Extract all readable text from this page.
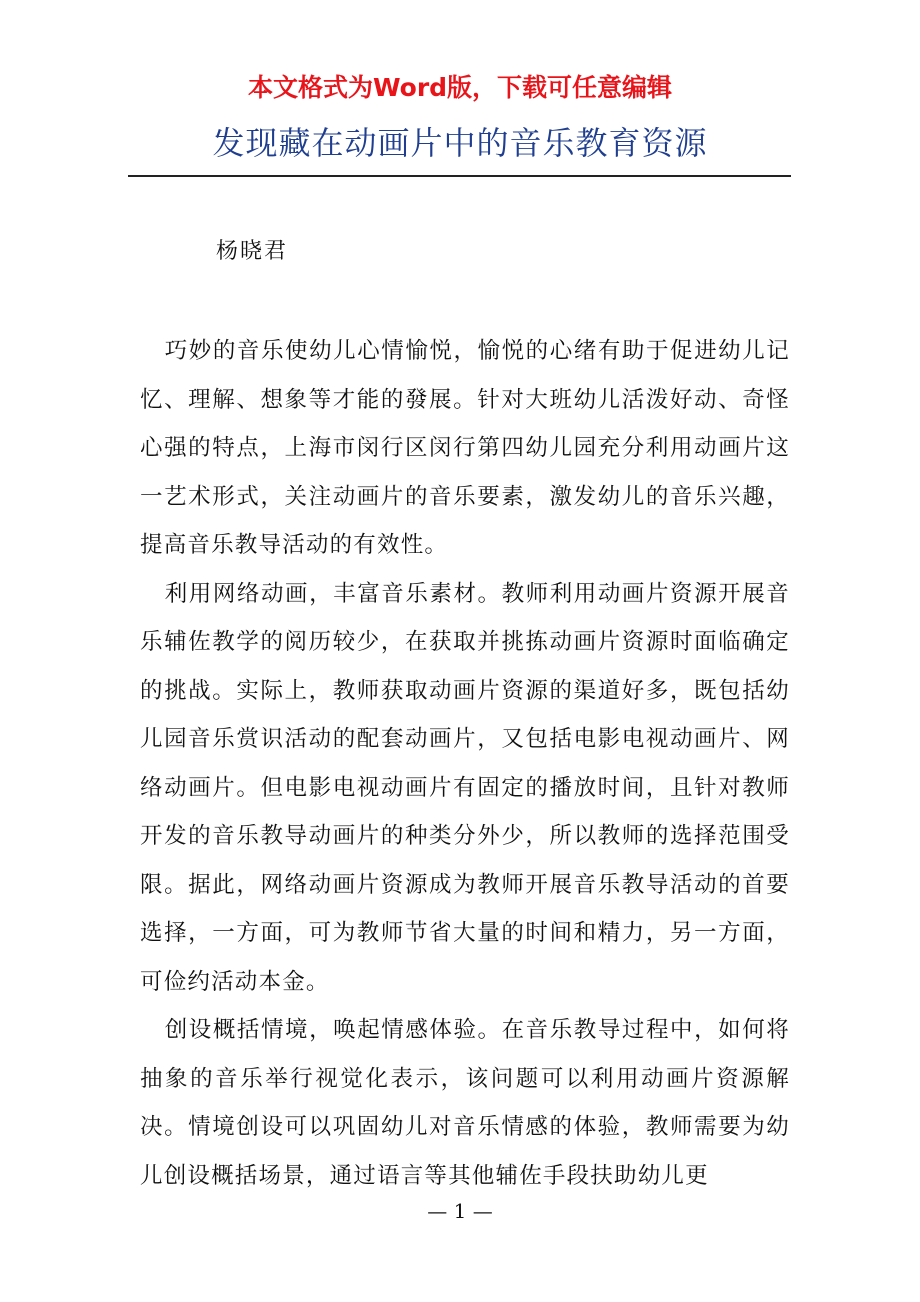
本文格式为Word版，下载可任意编辑
发现藏在动画片中的音乐教育资源
杨晓君

巧妙的音乐使幼儿心情愉悦，愉悦的心绪有助于促进幼儿记忆、理解、想象等才能的發展。针对大班幼儿活泼好动、奇怪心强的特点，上海市闵行区闵行第四幼儿园充分利用动画片这一艺术形式，关注动画片的音乐要素，激发幼儿的音乐兴趣，提高音乐教导活动的有效性。

利用网络动画，丰富音乐素材。教师利用动画片资源开展音乐辅佐教学的阅历较少，在获取并挑拣动画片资源时面临确定的挑战。实际上，教师获取动画片资源的渠道好多，既包括幼儿园音乐赏识活动的配套动画片，又包括电影电视动画片、网络动画片。但电影电视动画片有固定的播放时间，且针对教师开发的音乐教导动画片的种类分外少，所以教师的选择范围受限。据此，网络动画片资源成为教师开展音乐教导活动的首要选择，一方面，可为教师节省大量的时间和精力，另一方面，可俭约活动本金。

创设概括情境，唤起情感体验。在音乐教导过程中，如何将抽象的音乐举行视觉化表示，该问题可以利用动画片资源解决。情境创设可以巩固幼儿对音乐情感的体验，教师需要为幼儿创设概括场景，通过语言等其他辅佐手段扶助幼儿更

— 1 —
